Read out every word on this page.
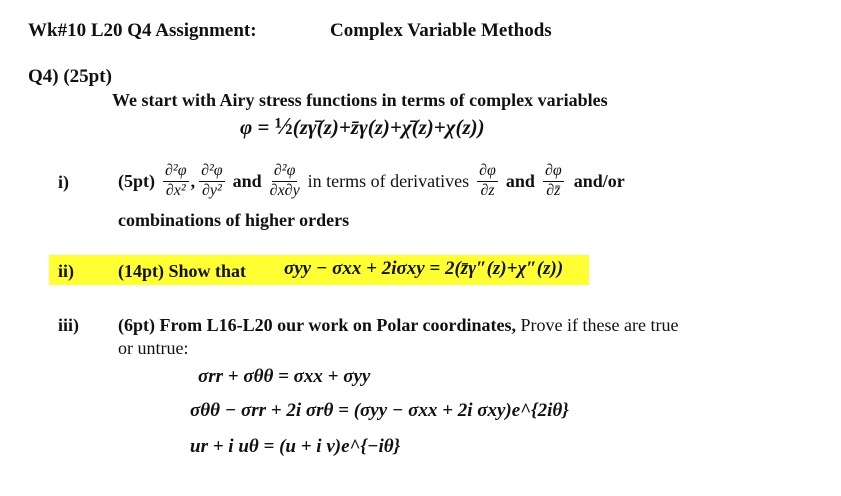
Wk#10 L20 Q4 Assignment:	Complex Variable Methods
Q4) (25pt)
We start with Airy stress functions in terms of complex variables
φ = ½(zγ̄(z)+z̄γ(z)+χ̄(z)+χ(z))
i)	$(5pt) \frac{\text{∂²φ}}{\text{∂x²}}$ , $\frac{\text{∂²φ}}{\text{∂y²}}$ and $\frac{\text{∂²φ}}{\partial x\partial y}$ in terms of derivatives $\frac{\partial\varphi}{\partial z}$ and $\frac{\partial\varphi}{\partial z̄} and/or$
combinations of higher orders
ii) (14pt) Show that σyy − σxx + 2iσxy = 2(z̄γ″(z)+χ″(z))
iii) (6pt) From L16-L20 our work on Polar coordinates, Prove if these are true
or untrue:
σrr + σθθ = σxx + σyy
σθθ − σrr + 2i σrθ = (σyy − σxx + 2i σxy)e^{2iθ}
ur + i uθ = (u + i v)e^{−iθ}
